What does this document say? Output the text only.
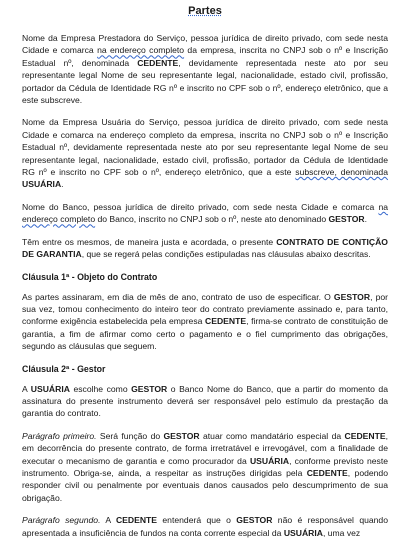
Partes

Nome da Empresa Prestadora do Serviço, pessoa jurídica de direito privado, com sede nesta Cidade e comarca na endereço completo da empresa, inscrita no CNPJ sob o nº e Inscrição Estadual nº, denominada CEDENTE, devidamente representada neste ato por seu representante legal Nome de seu representante legal, nacionalidade, estado civil, profissão, portador da Cédula de Identidade RG nº e inscrito no CPF sob o nº, endereço eletrônico, que a este subscreve.

Nome da Empresa Usuária do Serviço, pessoa jurídica de direito privado, com sede nesta Cidade e comarca na endereço completo da empresa, inscrita no CNPJ sob o nº e Inscrição Estadual nº, devidamente representada neste ato por seu representante legal Nome de seu representante legal, nacionalidade, estado civil, profissão, portador da Cédula de Identidade RG nº e inscrito no CPF sob o nº, endereço eletrônico, que a este subscreve, denominada USUÁRIA.

Nome do Banco, pessoa jurídica de direito privado, com sede nesta Cidade e comarca na endereço completo do Banco, inscrito no CNPJ sob o nº, neste ato denominado GESTOR.

Têm entre os mesmos, de maneira justa e acordada, o presente CONTRATO DE CONTIÇÃO DE GARANTIA, que se regerá pelas condições estipuladas nas cláusulas abaixo descritas.

Cláusula 1ª - Objeto do Contrato

As partes assinaram, em dia de mês de ano, contrato de uso de especificar. O GESTOR, por sua vez, tomou conhecimento do inteiro teor do contrato previamente assinado e, para tanto, conforme exigência estabelecida pela empresa CEDENTE, firma-se contrato de constituição de garantia, a fim de afirmar como certo o pagamento e o fiel cumprimento das obrigações, segundo as cláusulas que seguem.

Cláusula 2ª - Gestor

A USUÁRIA escolhe como GESTOR o Banco Nome do Banco, que a partir do momento da assinatura do presente instrumento deverá ser responsável pelo estímulo da prestação da garantia do contrato.

Parágrafo primeiro. Será função do GESTOR atuar como mandatário especial da CEDENTE, em decorrência do presente contrato, de forma irretratável e irrevogável, com a finalidade de executar o mecanismo de garantia e como procurador da USUÁRIA, conforme previsto neste instrumento. Obriga-se, ainda, a respeitar as instruções dirigidas pela CEDENTE, podendo responder civil ou penalmente por eventuais danos causados pelo descumprimento de sua obrigação.

Parágrafo segundo. A CEDENTE entenderá que o GESTOR não é responsável quando apresentada a insuficiência de fundos na conta corrente especial da USUÁRIA, uma vez
